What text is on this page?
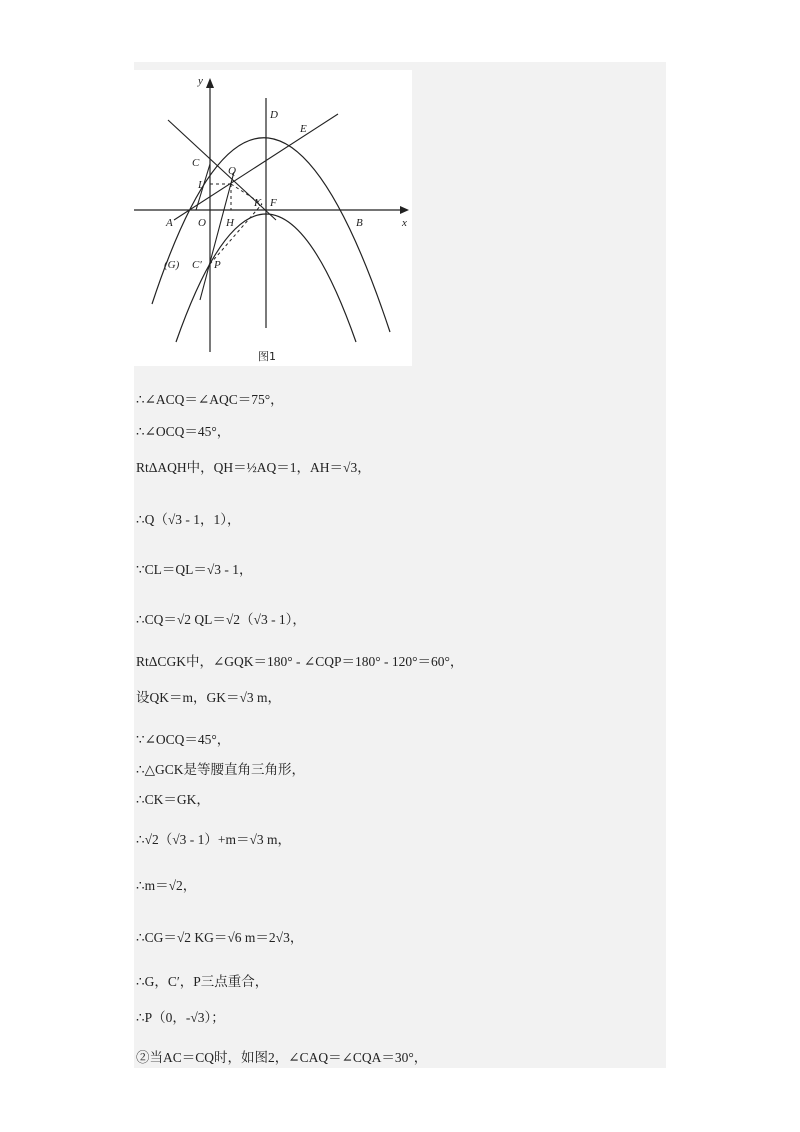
y
x
D
E
C
Q
L
K F
A O H	B
(G) C′ P
图1
∴∠ACQ＝∠AQC＝75°，
∴∠OCQ＝45°，
RtΔAQH中，QH＝½AQ＝1，AH＝√3，
∴Q（√3 - 1，1），
∵CL＝QL＝√3 - 1，
∴CQ＝√2 QL＝√2（√3 - 1），
RtΔCGK中，∠GQK＝180° - ∠CQP＝180° - 120°＝60°，
设QK＝m，GK＝√3 m，
∵∠OCQ＝45°，
∴△GCK是等腰直角三角形，
∴CK＝GK，
∴√2（√3 - 1）+m＝√3 m，
∴m＝√2，
∴CG＝√2 KG＝√6 m＝2√3，
∴G，C′，P三点重合，
∴P（0，-√3）；
②当AC＝CQ时，如图2，∠CAQ＝∠CQA＝30°，
